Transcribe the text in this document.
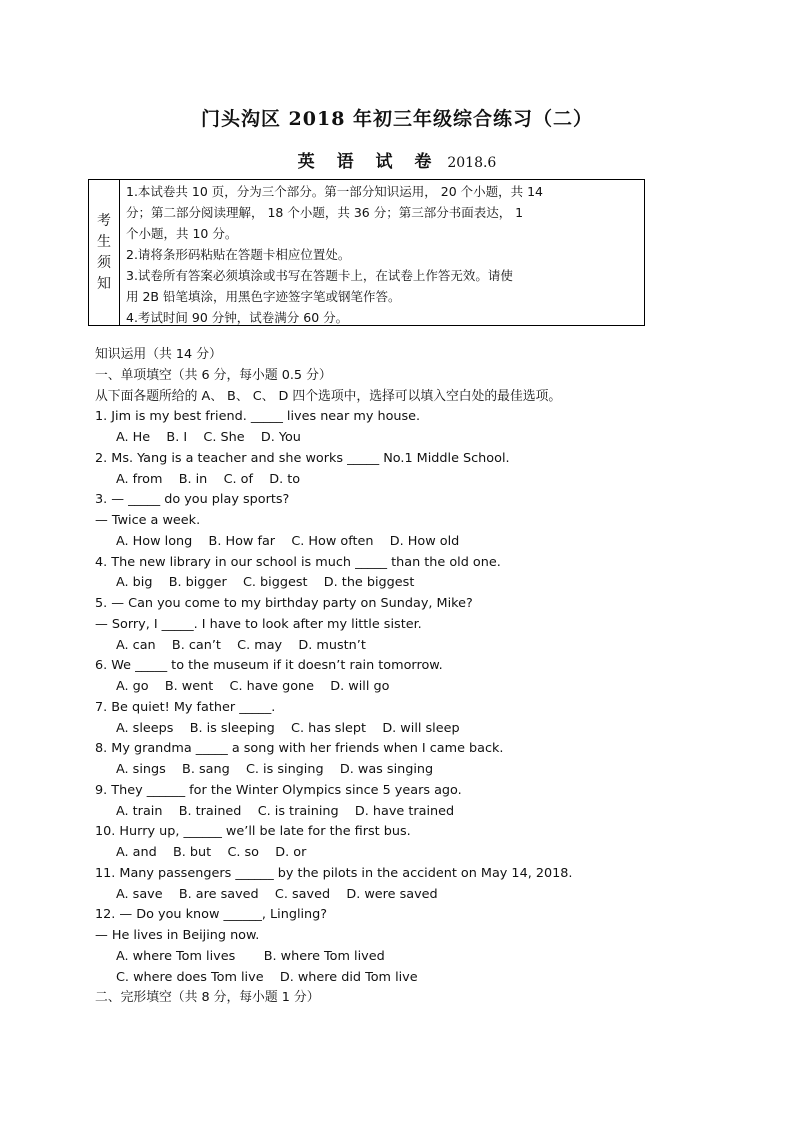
门头沟区 2018 年初三年级综合练习（二）
英 语 试 卷 2018.6
考
生
须
知
1.本试卷共 10 页，分为三个部分。第一部分知识运用， 20 个小题，共 14
分；第二部分阅读理解， 18 个小题，共 36 分；第三部分书面表达， 1
个小题，共 10 分。
2.请将条形码粘贴在答题卡相应位置处。
3.试卷所有答案必须填涂或书写在答题卡上，在试卷上作答无效。请使
用 2B 铅笔填涂，用黑色字迹签字笔或钢笔作答。
4.考试时间 90 分钟，试卷满分 60 分。
知识运用（共 14 分）
一、单项填空（共 6 分，每小题 0.5 分）
从下面各题所给的 A、 B、 C、 D 四个选项中，选择可以填入空白处的最佳选项。
1. Jim is my best friend. _____ lives near my house.
A. He    B. I    C. She    D. You
2. Ms. Yang is a teacher and she works _____ No.1 Middle School.
A. from    B. in    C. of    D. to
3. — _____ do you play sports?
— Twice a week.
A. How long    B. How far    C. How often    D. How old
4. The new library in our school is much _____ than the old one.
A. big    B. bigger    C. biggest    D. the biggest
5. — Can you come to my birthday party on Sunday, Mike?
— Sorry, I _____. I have to look after my little sister.
A. can    B. can’t    C. may    D. mustn’t
6. We _____ to the museum if it doesn’t rain tomorrow.
A. go    B. went    C. have gone    D. will go
7. Be quiet! My father _____.
A. sleeps    B. is sleeping    C. has slept    D. will sleep
8. My grandma _____ a song with her friends when I came back.
A. sings    B. sang    C. is singing    D. was singing
9. They ______ for the Winter Olympics since 5 years ago.
A. train    B. trained    C. is training    D. have trained
10. Hurry up, ______ we’ll be late for the first bus.
A. and    B. but    C. so    D. or
11. Many passengers ______ by the pilots in the accident on May 14, 2018.
A. save    B. are saved    C. saved    D. were saved
12. — Do you know ______, Lingling?
— He lives in Beijing now.
A. where Tom lives       B. where Tom lived
C. where does Tom live    D. where did Tom live
二、完形填空（共 8 分，每小题 1 分）
